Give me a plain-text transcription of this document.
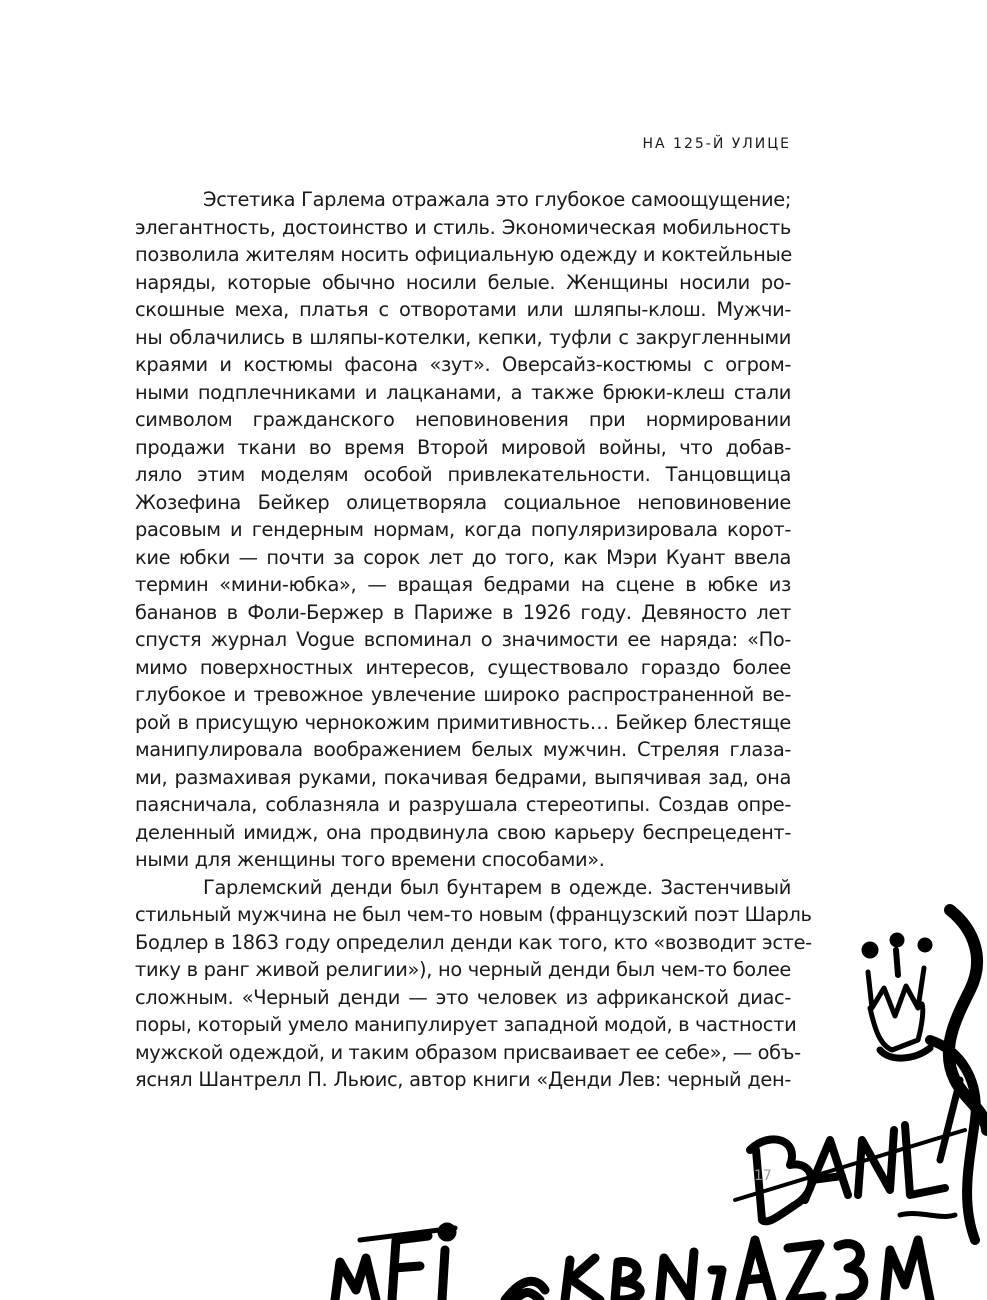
НА 125-Й УЛИЦЕ
Эстетика Гарлема отражала это глубокое самоощущение;
элегантность, достоинство и стиль. Экономическая мобильность
позволила жителям носить официальную одежду и коктейльные
наряды, которые обычно носили белые. Женщины носили ро-
скошные меха, платья с отворотами или шляпы-клош. Мужчи-
ны облачились в шляпы-котелки, кепки, туфли с закругленными
краями и костюмы фасона «зут». Оверсайз-костюмы с огром-
ными подплечниками и лацканами, а также брюки-клеш стали
символом гражданского неповиновения при нормировании
продажи ткани во время Второй мировой войны, что добав-
ляло этим моделям особой привлекательности. Танцовщица
Жозефина Бейкер олицетворяла социальное неповиновение
расовым и гендерным нормам, когда популяризировала корот-
кие юбки — почти за сорок лет до того, как Мэри Куант ввела
термин «мини-юбка», — вращая бедрами на сцене в юбке из
бананов в Фоли-Бержер в Париже в 1926 году. Девяносто лет
спустя журнал Vogue вспоминал о значимости ее наряда: «По-
мимо поверхностных интересов, существовало гораздо более
глубокое и тревожное увлечение широко распространенной ве-
рой в присущую чернокожим примитивность… Бейкер блестяще
манипулировала воображением белых мужчин. Стреляя глаза-
ми, размахивая руками, покачивая бедрами, выпячивая зад, она
паясничала, соблазняла и разрушала стереотипы. Создав опре-
деленный имидж, она продвинула свою карьеру беспрецедент-
ными для женщины того времени способами».
Гарлемский денди был бунтарем в одежде. Застенчивый
стильный мужчина не был чем-то новым (французский поэт Шарль
Бодлер в 1863 году определил денди как того, кто «возводит эсте-
тику в ранг живой религии»), но черный денди был чем-то более
сложным. «Черный денди — это человек из африканской диас-
поры, который умело манипулирует западной модой, в частности
мужской одеждой, и таким образом присваивает ее себе», — объ-
яснял Шантрелл П. Льюис, автор книги «Денди Лев: черный ден-
17
